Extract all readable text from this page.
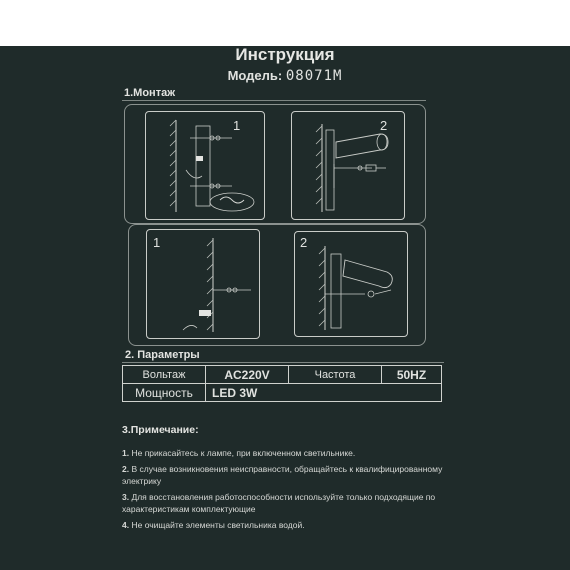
Инструкция
Модель: 08071M
1.Монтаж
1	2
1	2
2. Параметры
Вольтаж	AC220V	Частота	50HZ
Мощность	LED 3W		
3.Примечание:
1. Не прикасайтесь к лампе, при включенном светильнике.
2. В случае возникновения неисправности, обращайтесь к квалифицированному электрику
3. Для восстановления работоспособности используйте только подходящие по характеристикам комплектующие
4. Не очищайте элементы светильника водой.
